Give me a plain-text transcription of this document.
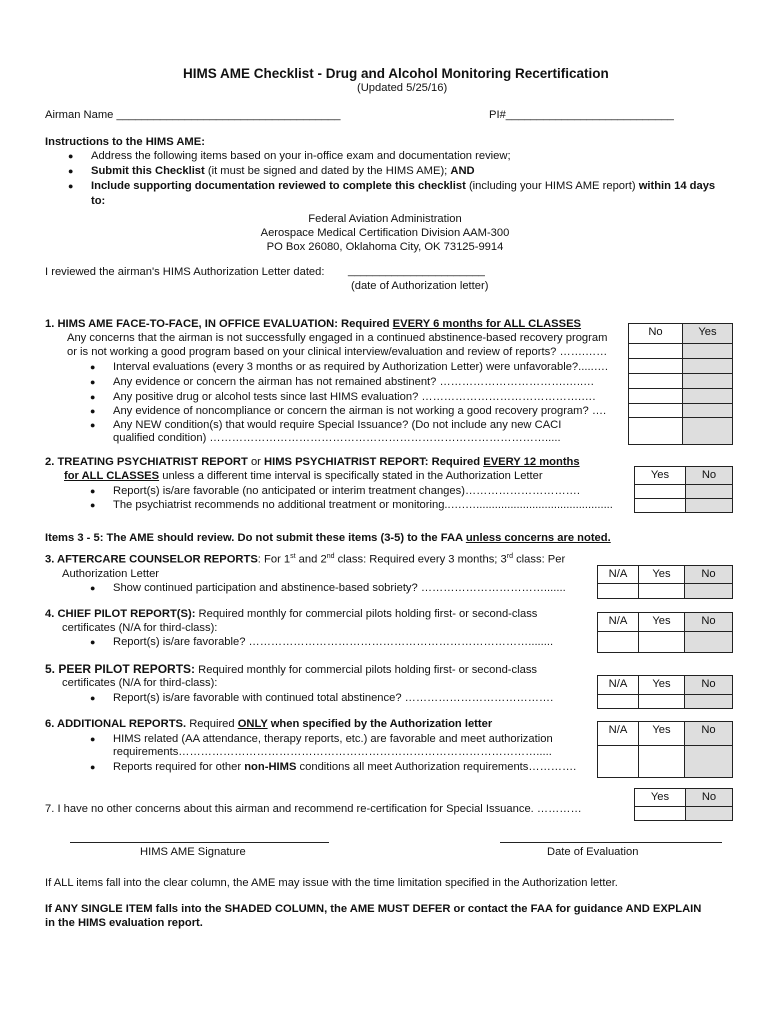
HIMS AME Checklist - Drug and Alcohol Monitoring Recertification
(Updated 5/25/16)
Airman Name ____________________________________	PI#___________________________
Instructions to the HIMS AME:
● Address the following items based on your in-office exam and documentation review;
● Submit this Checklist (it must be signed and dated by the HIMS AME); AND
● Include supporting documentation reviewed to complete this checklist (including your HIMS AME report) within 14 days
to:
Federal Aviation Administration
Aerospace Medical Certification Division AAM-300
PO Box 26080, Oklahoma City, OK 73125-9914
I reviewed the airman's HIMS Authorization Letter dated: ______________________
(date of Authorization letter)
1. HIMS AME FACE-TO-FACE, IN OFFICE EVALUATION: Required EVERY 6 months for ALL CLASSES
Any concerns that the airman is not successfully engaged in a continued abstinence-based recovery program
or is not working a good program based on your clinical interview/evaluation and review of reports? …….……
● Interval evaluations (every 3 months or as required by Authorization Letter) were unfavorable?.....….
● Any evidence or concern the airman has not remained abstinent? …………………………….…..…
● Any positive drug or alcohol tests since last HIMS evaluation? …………………………………….….
● Any evidence of noncompliance or concern the airman is not working a good recovery program? ….
● Any NEW condition(s) that would require Special Issuance? (Do not include any new CACI
qualified condition) ……………………………………………………………………………….....
No	Yes
2. TREATING PSYCHIATRIST REPORT or HIMS PSYCHIATRIST REPORT: Required EVERY 12 months
for ALL CLASSES unless a different time interval is specifically stated in the Authorization Letter
● Report(s) is/are favorable (no anticipated or interim treatment changes)………………………….
● The psychiatrist recommends no additional treatment or monitoring..….…............................................
Yes	No
Items 3 - 5: The AME should review. Do not submit these items (3-5) to the FAA unless concerns are noted.
3. AFTERCARE COUNSELOR REPORTS: For 1st and 2nd class: Required every 3 months; 3rd class: Per
Authorization Letter
● Show continued participation and abstinence-based sobriety? …………………………….......
N/A	Yes	No
4. CHIEF PILOT REPORT(S): Required monthly for commercial pilots holding first- or second-class
certificates (N/A for third-class):
● Report(s) is/are favorable? …………………………………………………………………........
N/A	Yes	No
5. PEER PILOT REPORTS: Required monthly for commercial pilots holding first- or second-class
certificates (N/A for third-class):
● Report(s) is/are favorable with continued total abstinence? ………………………………….
N/A	Yes	No
6. ADDITIONAL REPORTS. Required ONLY when specified by the Authorization letter
● HIMS related (AA attendance, therapy reports, etc.) are favorable and meet authorization
requirements…………………………………………………………………………………….....
● Reports required for other non-HIMS conditions all meet Authorization requirements………….
N/A	Yes	No
7. I have no other concerns about this airman and recommend re-certification for Special Issuance. …………
Yes	No
HIMS AME Signature	Date of Evaluation
If ALL items fall into the clear column, the AME may issue with the time limitation specified in the Authorization letter.
If ANY SINGLE ITEM falls into the SHADED COLUMN, the AME MUST DEFER or contact the FAA for guidance AND EXPLAIN
in the HIMS evaluation report.
